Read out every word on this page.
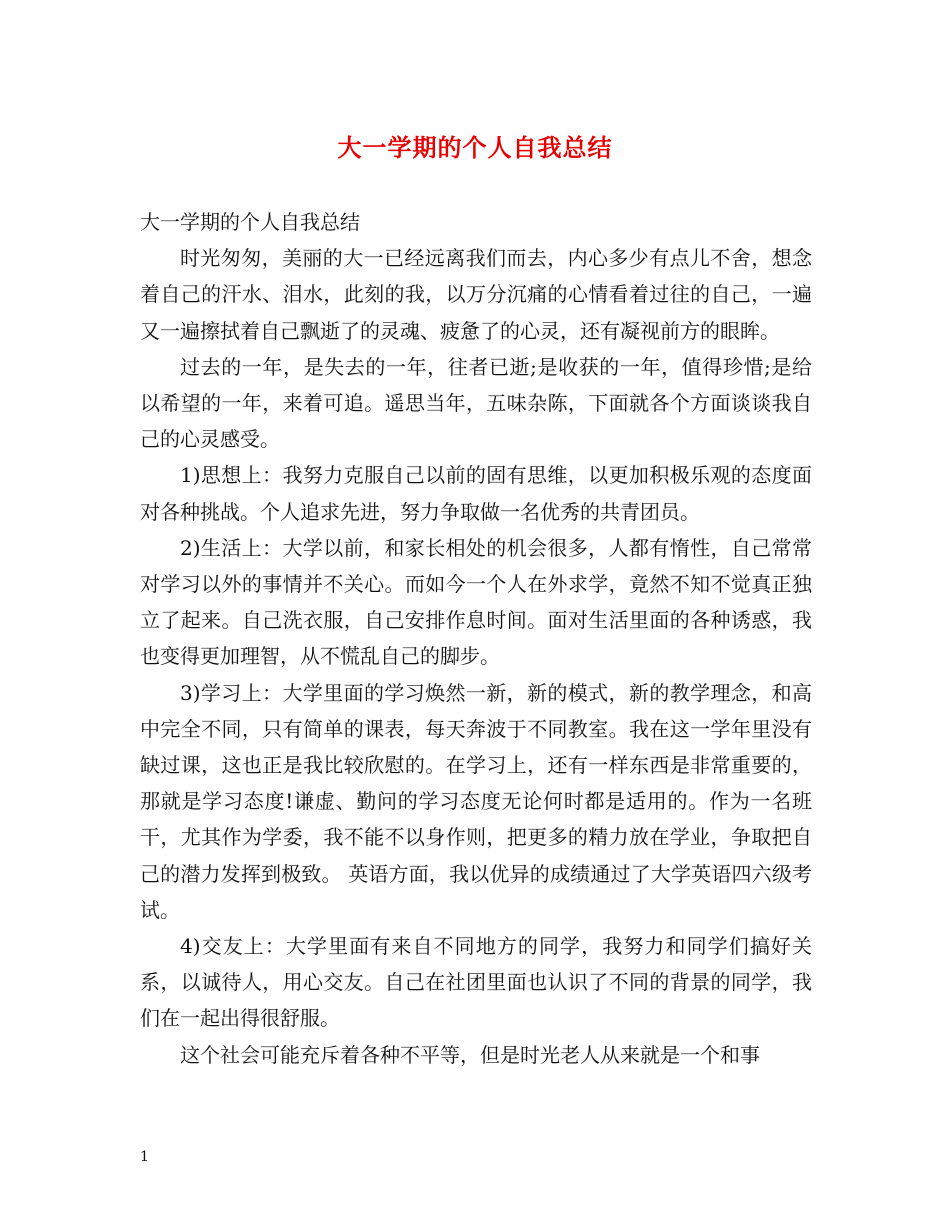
大一学期的个人自我总结

大一学期的个人自我总结

时光匆匆，美丽的大一已经远离我们而去，内心多少有点儿不舍，想念着自己的汗水、泪水，此刻的我，以万分沉痛的心情看着过往的自己，一遍又一遍擦拭着自己飘逝了的灵魂、疲惫了的心灵，还有凝视前方的眼眸。

过去的一年，是失去的一年，往者已逝;是收获的一年，值得珍惜;是给以希望的一年，来着可追。遥思当年，五味杂陈，下面就各个方面谈谈我自己的心灵感受。

1)思想上：我努力克服自己以前的固有思维，以更加积极乐观的态度面对各种挑战。个人追求先进，努力争取做一名优秀的共青团员。

2)生活上：大学以前，和家长相处的机会很多，人都有惰性，自己常常对学习以外的事情并不关心。而如今一个人在外求学，竟然不知不觉真正独立了起来。自己洗衣服，自己安排作息时间。面对生活里面的各种诱惑，我也变得更加理智，从不慌乱自己的脚步。

3)学习上：大学里面的学习焕然一新，新的模式，新的教学理念，和高中完全不同，只有简单的课表，每天奔波于不同教室。我在这一学年里没有缺过课，这也正是我比较欣慰的。在学习上，还有一样东西是非常重要的，那就是学习态度!谦虚、勤问的学习态度无论何时都是适用的。作为一名班干，尤其作为学委，我不能不以身作则，把更多的精力放在学业，争取把自己的潜力发挥到极致。 英语方面，我以优异的成绩通过了大学英语四六级考试。

4)交友上：大学里面有来自不同地方的同学，我努力和同学们搞好关系，以诚待人，用心交友。自己在社团里面也认识了不同的背景的同学，我们在一起出得很舒服。

这个社会可能充斥着各种不平等，但是时光老人从来就是一个和事

1
